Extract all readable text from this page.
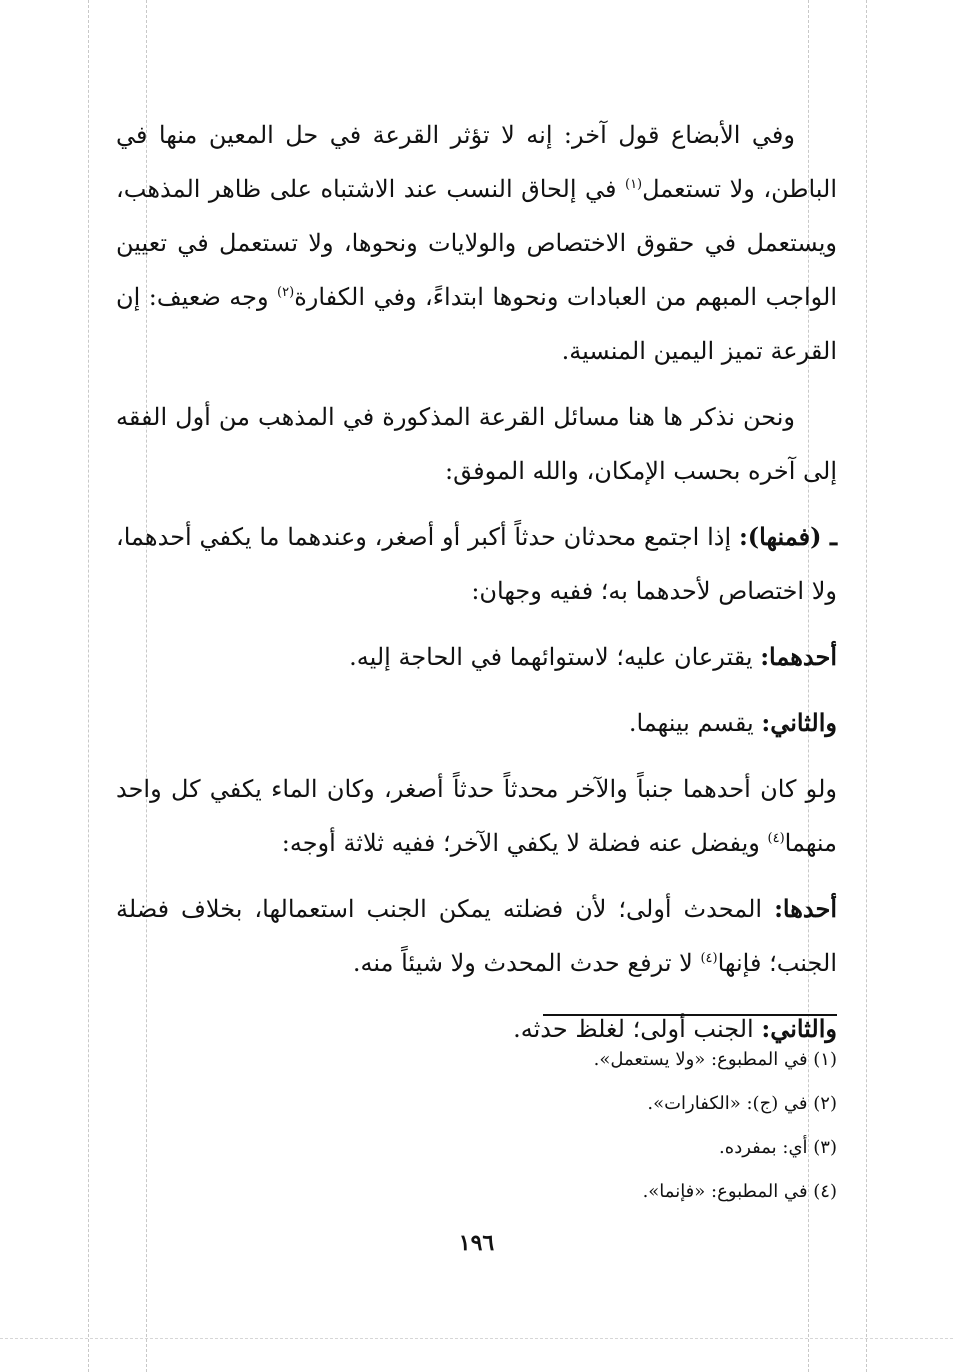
وفي الأبضاع قول آخر: إنه لا تؤثر القرعة في حل المعين منها في الباطن، ولا تستعمل$^{(١)}$ في إلحاق النسب عند الاشتباه على ظاهر المذهب، ويستعمل في حقوق الاختصاص والولايات ونحوها، ولا تستعمل في تعيين الواجب المبهم من العبادات ونحوها ابتداءً، وفي الكفارة$^{(٢)}$ وجه ضعيف: إن القرعة تميز اليمين المنسية.

ونحن نذكر ها هنا مسائل القرعة المذكورة في المذهب من أول الفقه إلى آخره بحسب الإمكان، والله الموفق:

ـ (فمنها): إذا اجتمع محدثان حدثاً أكبر أو أصغر، وعندهما ما يكفي أحدهما، ولا اختصاص لأحدهما به؛ ففيه وجهان:

أحدهما: يقترعان عليه؛ لاستوائهما في الحاجة إليه.

والثاني: يقسم بينهما.

ولو كان أحدهما جنباً والآخر محدثاً حدثاً أصغر، وكان الماء يكفي كل واحد منهما$^{(٤)}$ ويفضل عنه فضلة لا يكفي الآخر؛ ففيه ثلاثة أوجه:

أحدها: المحدث أولى؛ لأن فضلته يمكن الجنب استعمالها، بخلاف فضلة الجنب؛ فإنها$^{(٤)}$ لا ترفع حدث المحدث ولا شيئاً منه.

والثاني: الجنب أولى؛ لغلظ حدثه.

(١) في المطبوع: «ولا يستعمل».

(٢) في (ج): «الكفارات».

(٣) أي: بمفرده.

(٤) في المطبوع: «فإنما».

١٩٦
